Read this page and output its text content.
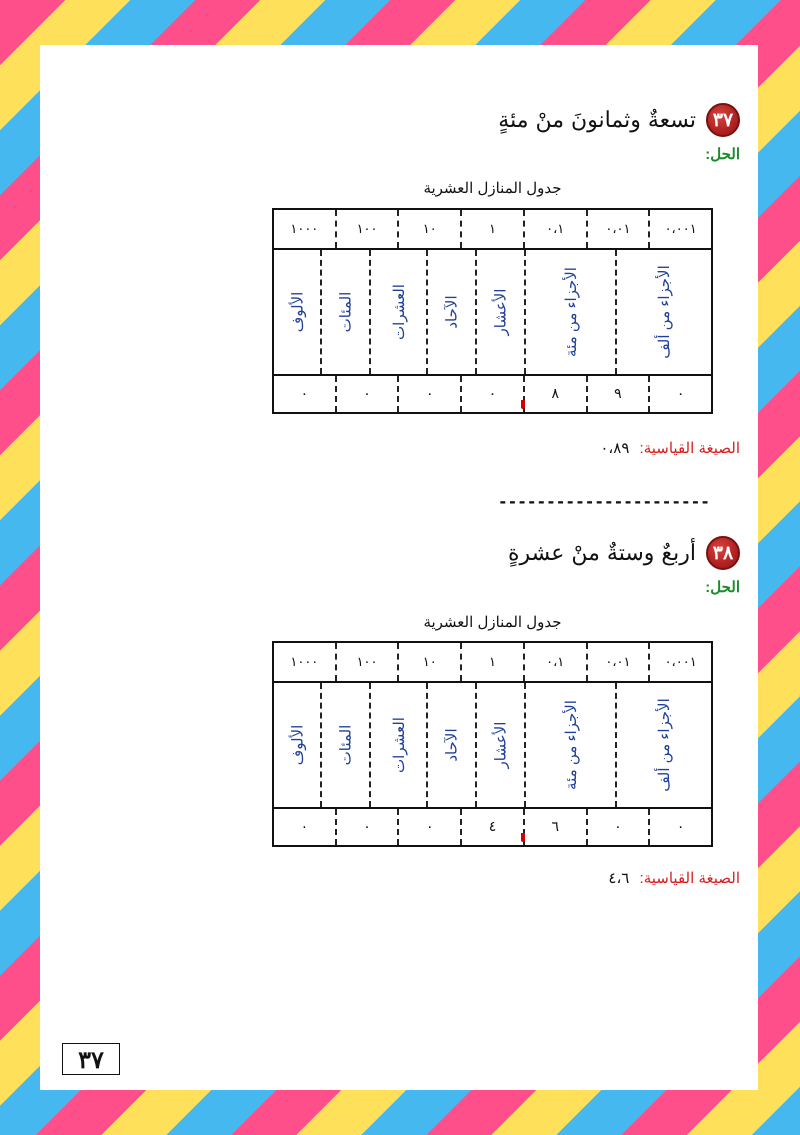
٣٧
تسعةٌ وثمانونَ منْ مئةٍ
الحل:
جدول المنازل العشرية
٠،٠٠١
٠،٠١
٠،١
١
١٠
١٠٠
١٠٠٠
الأجزاء من ألف
الأجزاء من مئة
الأعشار
الآحاد
العشرات
المئات
الألوف
٠
٩
٨
٠
٠
٠
٠
الصيغة القياسية: ٠،٨٩
----------------------
٣٨
أربعٌ وستةٌ منْ عشرةٍ
الحل:
جدول المنازل العشرية
٠،٠٠١
٠،٠١
٠،١
١
١٠
١٠٠
١٠٠٠
الأجزاء من ألف
الأجزاء من مئة
الأعشار
الآحاد
العشرات
المئات
الألوف
٠
٠
٦
٤
٠
٠
٠
الصيغة القياسية: ٤،٦
٣٧
